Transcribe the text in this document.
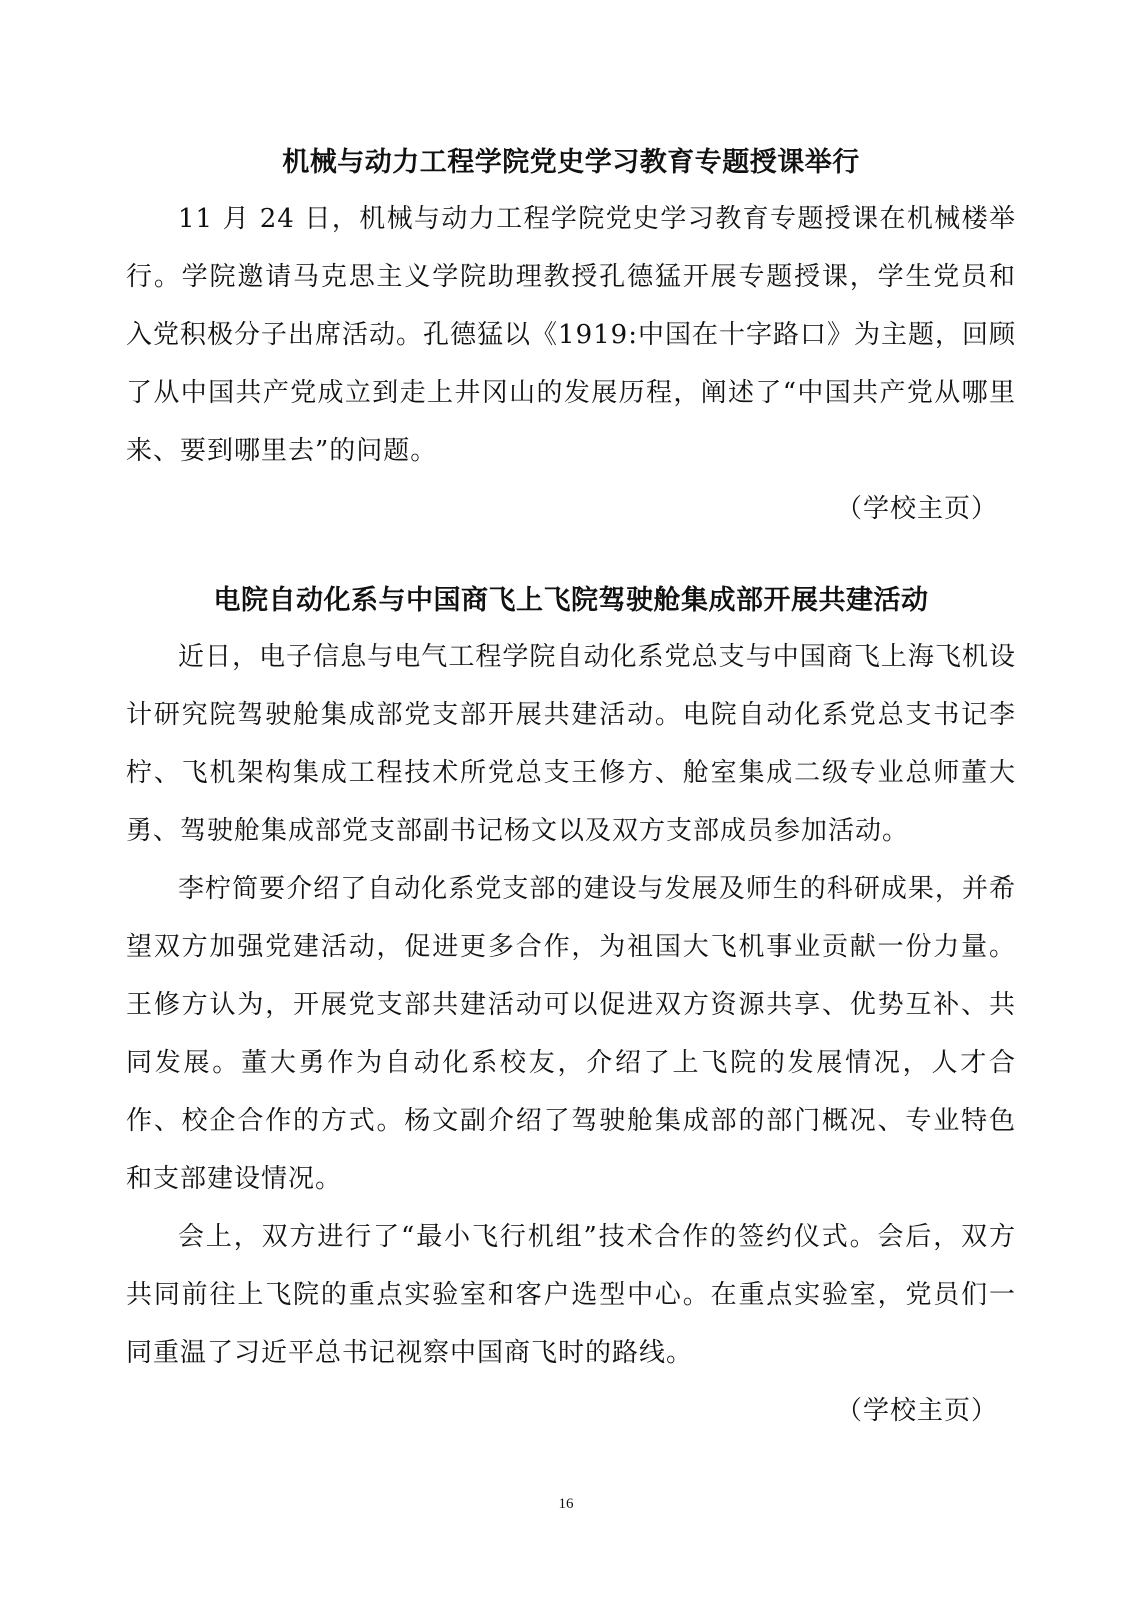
机械与动力工程学院党史学习教育专题授课举行

11 月 24 日，机械与动力工程学院党史学习教育专题授课在机械楼举行。学院邀请马克思主义学院助理教授孔德猛开展专题授课，学生党员和入党积极分子出席活动。孔德猛以《1919:中国在十字路口》为主题，回顾了从中国共产党成立到走上井冈山的发展历程，阐述了“中国共产党从哪里来、要到哪里去”的问题。

（学校主页）

电院自动化系与中国商飞上飞院驾驶舱集成部开展共建活动

近日，电子信息与电气工程学院自动化系党总支与中国商飞上海飞机设计研究院驾驶舱集成部党支部开展共建活动。电院自动化系党总支书记李柠、飞机架构集成工程技术所党总支王修方、舱室集成二级专业总师董大勇、驾驶舱集成部党支部副书记杨文以及双方支部成员参加活动。

李柠简要介绍了自动化系党支部的建设与发展及师生的科研成果，并希望双方加强党建活动，促进更多合作，为祖国大飞机事业贡献一份力量。王修方认为，开展党支部共建活动可以促进双方资源共享、优势互补、共同发展。董大勇作为自动化系校友，介绍了上飞院的发展情况，人才合作、校企合作的方式。杨文副介绍了驾驶舱集成部的部门概况、专业特色和支部建设情况。

会上，双方进行了“最小飞行机组”技术合作的签约仪式。会后，双方共同前往上飞院的重点实验室和客户选型中心。在重点实验室，党员们一同重温了习近平总书记视察中国商飞时的路线。

（学校主页）

16
